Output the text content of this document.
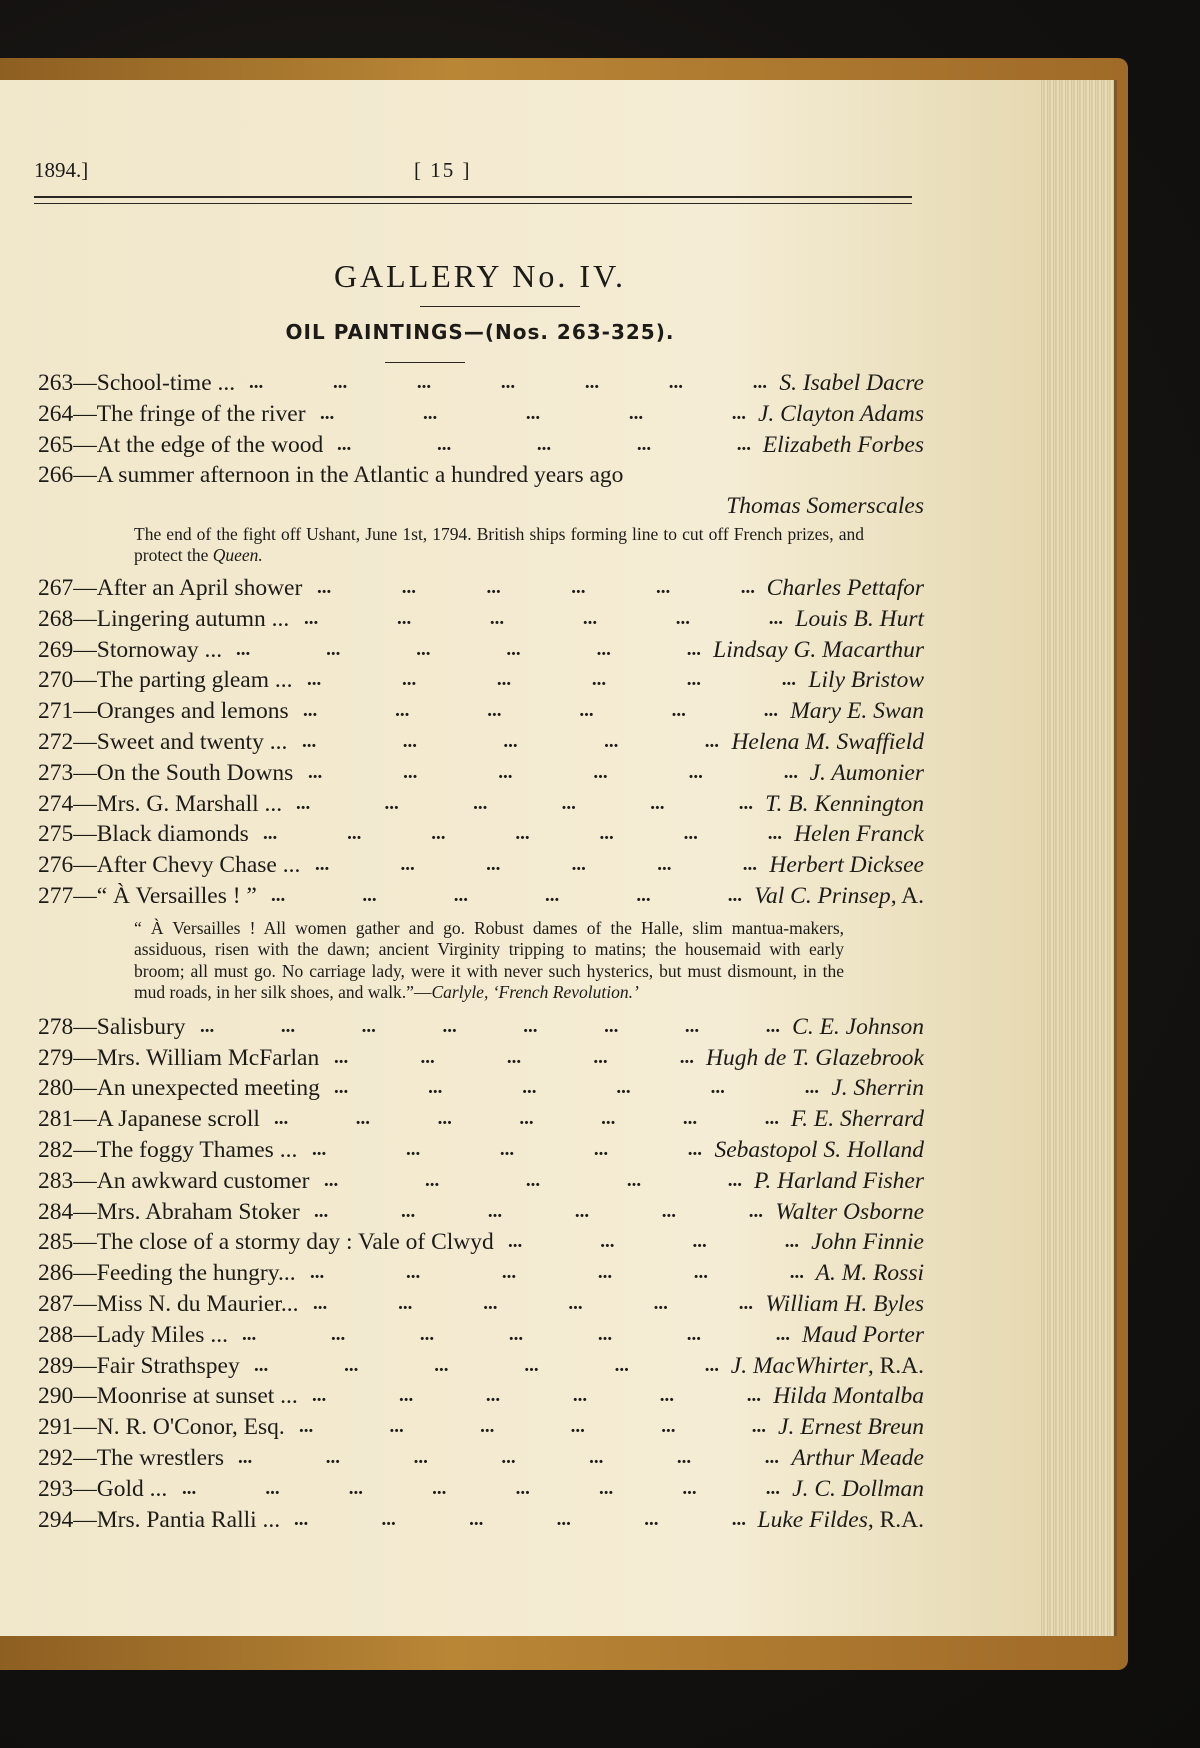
1894.]	[ 15 ]
GALLERY No. IV.
OIL PAINTINGS—(Nos. 263-325).
263—School-time ... ...	...	...	...	...	...	... S. Isabel Dacre
264—The fringe of the river ...	...	...	...	... J. Clayton Adams
265—At the edge of the wood ...	...	...	...	... Elizabeth Forbes
266—A summer afternoon in the Atlantic a hundred years ago
Thomas Somerscales
The end of the fight off Ushant, June 1st, 1794. British ships forming line to cut off French prizes, and protect the Queen.
267—After an April shower ...	...	...	...	...	... Charles Pettafor
268—Lingering autumn ... ...	...	...	...	...	... Louis B. Hurt
269—Stornoway ... ...	...	...	...	...	... Lindsay G. Macarthur
270—The parting gleam ... ...	...	...	...	...	... Lily Bristow
271—Oranges and lemons ...	...	...	...	...	... Mary E. Swan
272—Sweet and twenty ... ...	...	...	...	... Helena M. Swaffield
273—On the South Downs ...	...	...	...	...	... J. Aumonier
274—Mrs. G. Marshall ... ...	...	...	...	...	... T. B. Kennington
275—Black diamonds ...	...	...	...	...	...	... Helen Franck
276—After Chevy Chase ... ...	...	...	...	...	... Herbert Dicksee
277—“ À Versailles ! ” ...	...	...	...	...	... Val C. Prinsep, A.
“ À Versailles ! All women gather and go. Robust dames of the Halle, slim mantua-makers, assiduous, risen with the dawn; ancient Virginity tripping to matins; the housemaid with early broom; all must go. No carriage lady, were it with never such hysterics, but must dismount, in the mud roads, in her silk shoes, and walk.”—Carlyle, ‘French Revolution.’
278—Salisbury ...	...	...	...	...	...	...	... C. E. Johnson
279—Mrs. William McFarlan ...	...	...	...	... Hugh de T. Glazebrook
280—An unexpected meeting ...	...	...	...	...	... J. Sherrin
281—A Japanese scroll ...	...	...	...	...	...	... F. E. Sherrard
282—The foggy Thames ... ...	...	...	...	... Sebastopol S. Holland
283—An awkward customer ...	...	...	...	... P. Harland Fisher
284—Mrs. Abraham Stoker ...	...	...	...	...	... Walter Osborne
285—The close of a stormy day : Vale of Clwyd ...	...	...	... John Finnie
286—Feeding the hungry... ...	...	...	...	...	... A. M. Rossi
287—Miss N. du Maurier... ...	...	...	...	...	... William H. Byles
288—Lady Miles ... ...	...	...	...	...	...	... Maud Porter
289—Fair Strathspey ...	...	...	...	...	... J. MacWhirter, R.A.
290—Moonrise at sunset ... ...	...	...	...	...	... Hilda Montalba
291—N. R. O'Conor, Esq. ...	...	...	...	...	... J. Ernest Breun
292—The wrestlers ...	...	...	...	...	...	... Arthur Meade
293—Gold ... ...	...	...	...	...	...	...	... J. C. Dollman
294—Mrs. Pantia Ralli ... ...	...	...	...	...	... Luke Fildes, R.A.
